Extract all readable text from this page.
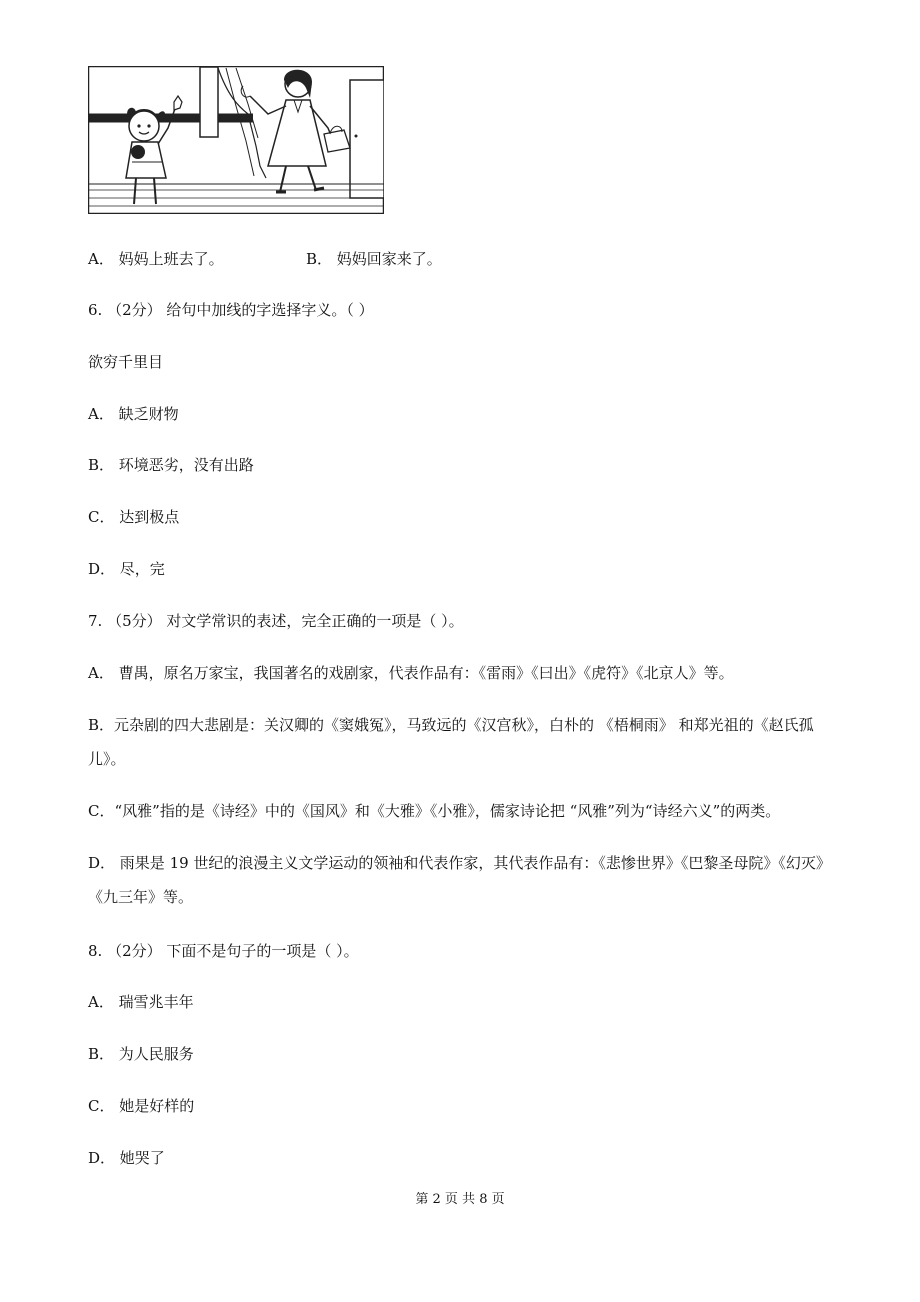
A． 妈妈上班去了。	B． 妈妈回家来了。
6. （2分） 给句中加线的字选择字义。（ ）
欲穷千里目
A． 缺乏财物
B． 环境恶劣，没有出路
C． 达到极点
D． 尽，完
7. （5分） 对文学常识的表述，完全正确的一项是（ ）。
A． 曹禺，原名万家宝，我国著名的戏剧家，代表作品有：《雷雨》《曰出》《虎符》《北京人》等。
B．元杂剧的四大悲剧是：关汉卿的《窦娥冤》，马致远的《汉宫秋》，白朴的 《梧桐雨》 和郑光祖的《赵氏孤
儿》。
C．“风雅”指的是《诗经》中的《国风》和《大雅》《小雅》，儒家诗论把 “风雅”列为“诗经六义”的两类。
D． 雨果是 19 世纪的浪漫主义文学运动的领袖和代表作家，其代表作品有：《悲惨世界》《巴黎圣母院》《幻灭》
《九三年》等。
8. （2分） 下面不是句子的一项是（ ）。
A． 瑞雪兆丰年
B． 为人民服务
C． 她是好样的
D． 她哭了
第 2 页 共 8 页
